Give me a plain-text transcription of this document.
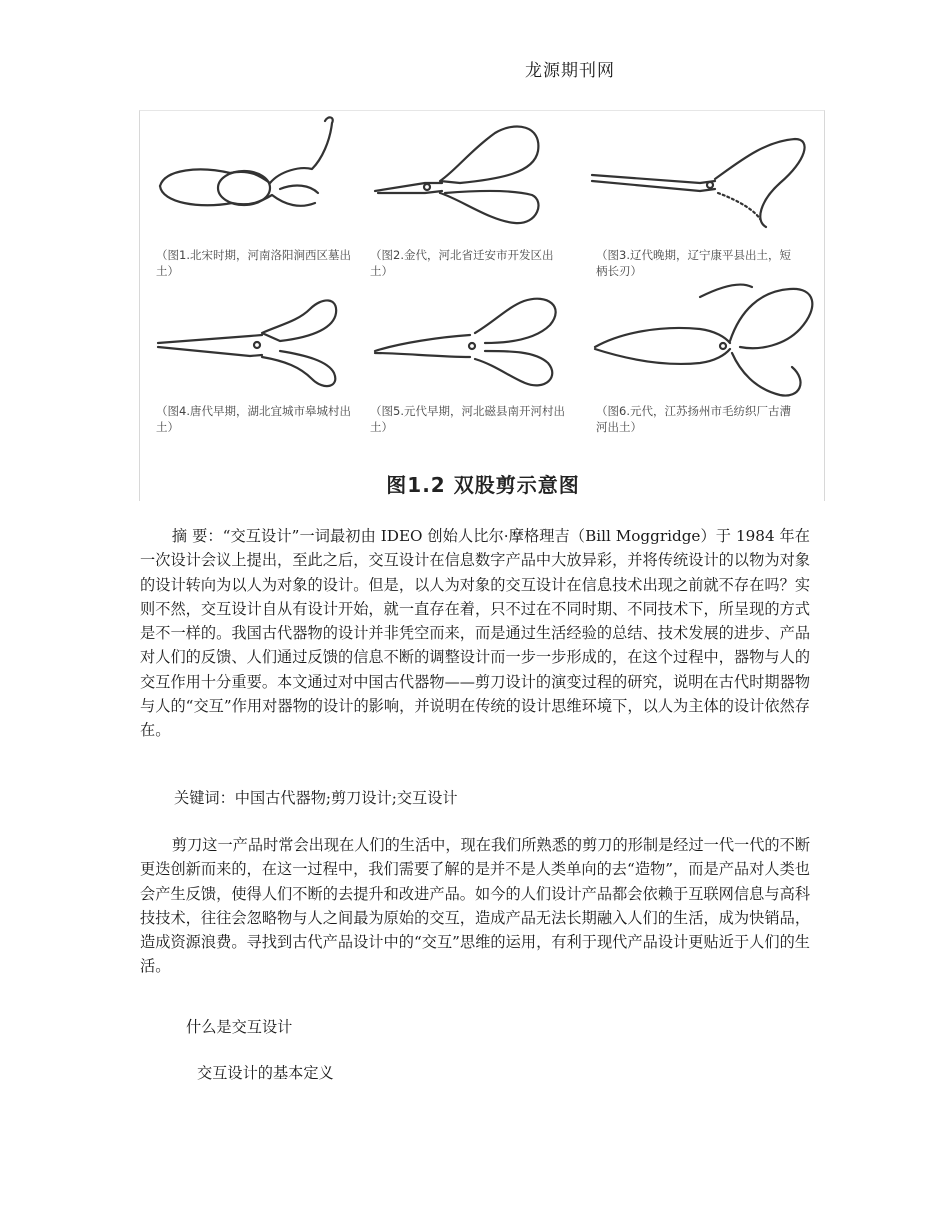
龙源期刊网
（图1.北宋时期，河南洛阳涧西区墓出土）
（图2.金代，河北省迁安市开发区出土）
（图3.辽代晚期，辽宁康平县出土，短柄长刃）
（图4.唐代早期，湖北宜城市皋城村出土）
（图5.元代早期，河北磁县南开河村出土）
（图6.元代，江苏扬州市毛纺织厂古漕河出土）
图1.2 双股剪示意图

摘 要：“交互设计”一词最初由 IDEO 创始人比尔·摩格理吉（Bill Moggridge）于 1984 年在一次设计会议上提出，至此之后，交互设计在信息数字产品中大放异彩，并将传统设计的以物为对象的设计转向为以人为对象的设计。但是，以人为对象的交互设计在信息技术出现之前就不存在吗？实则不然，交互设计自从有设计开始，就一直存在着，只不过在不同时期、不同技术下，所呈现的方式是不一样的。我国古代器物的设计并非凭空而来，而是通过生活经验的总结、技术发展的进步、产品对人们的反馈、人们通过反馈的信息不断的调整设计而一步一步形成的，在这个过程中，器物与人的交互作用十分重要。本文通过对中国古代器物——剪刀设计的演变过程的研究，说明在古代时期器物与人的“交互”作用对器物的设计的影响，并说明在传统的设计思维环境下，以人为主体的设计依然存在。

关键词：中国古代器物;剪刀设计;交互设计

剪刀这一产品时常会出现在人们的生活中，现在我们所熟悉的剪刀的形制是经过一代一代的不断更迭创新而来的，在这一过程中，我们需要了解的是并不是人类单向的去“造物”，而是产品对人类也会产生反馈，使得人们不断的去提升和改进产品。如今的人们设计产品都会依赖于互联网信息与高科技技术，往往会忽略物与人之间最为原始的交互，造成产品无法长期融入人们的生活，成为快销品，造成资源浪费。寻找到古代产品设计中的“交互”思维的运用，有利于现代产品设计更贴近于人们的生活。

什么是交互设计
交互设计的基本定义
